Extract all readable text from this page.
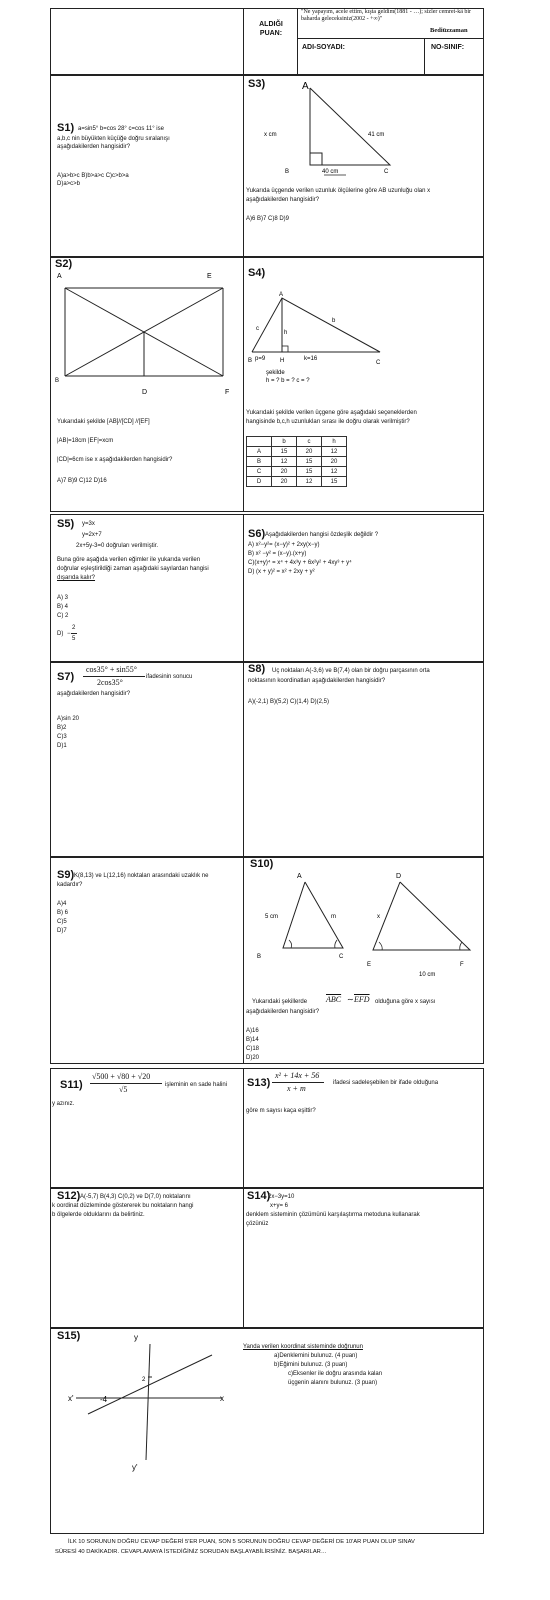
ALDIĞI PUAN:
"Ne yapayım, acele ettim, kışta geldim(1881 - …); sizler cemret-kâ bir baharda geleceksiniz(2002 - +∞)"
Bediüzzaman
ADI-SOYADI:	NO-SINIF:
S1) a=sin5° b=cos 28° c=cos 11° ise
a,b,c nin büyükten küçüğe doğru sıralanışı
aşağıdakilerden hangisidir?
A)a>b>c B)b>a>c C)c>b>a
D)a>c>b
S3)	A
x cm	41 cm
B	40 cm	C
Yukarıda üçgende verilen uzunluk ölçülerine göre AB uzunluğu olan x
aşağıdakilerden hangisidir?
A)6 B)7 C)8 D)9
S2)
A	E
B
D	F
Yukarıdaki şekilde [AB]//[CD] //[EF]
|AB|=18cm |EF|=xcm
|CD|=6cm ise x aşağıdakilerden hangisidir?
A)7 B)9 C)12 D)16
S4)
A
c
h
b
B p=9 H	k=16
C
şekilde
h = ? b = ? c = ?
Yukarıdaki şekilde verilen üçgene göre aşağıdaki seçeneklerden
hangisinde b,c,h uzunlukları sırası ile doğru olarak verilmiştir?
	b	c	h
A	15	20	12
B	12	15	20
C	20	15	12
D	20	12	15
S5) y=3x
y=2x+7
2x+5y-3=0 doğruları verilmiştir.
Buna göre aşağıda verilen eğimler ile yukarıda verilen
doğrular eşleştirildiği zaman aşağıdaki sayılardan hangisi
dışarıda kalır?
A) 3
B) 4
C) 2
D) −
2
5
S6) Aşağıdakilerden hangisi özdeşlik değildir ?
A) x²−y²= (x−y)² + 2xy(x−y)
B) x² −y² = (x−y).(x+y)
C)(x+y)⁴ = x⁴ + 4x³y + 6x²y² + 4xy³ + y⁴
D) (x + y)² = x² + 2xy + y²
S7)
cos35° + sin55°
2cos35°
ifadesinin sonucu
aşağıdakilerden hangisidir?
A)sin 20
B)2
C)3
D)1
S8) Uç noktaları A(-3,6) ve B(7,4) olan bir doğru parçasının orta
noktasının koordinatları aşağıdakilerden hangisidir?
A)(-2,1) B)(5,2) C)(1,4) D)(2,5)
S9) K(8,13) ve L(12,16) noktaları arasındaki uzaklık ne
kadardır?
A)4
B) 6
C)5
D)7
S10)
A
5 cm	m
B	C
D
x
E	F
10 cm
Yukarıdaki şekillerde $\overline{ABC}$ ∼ $\overline{EFD}$ olduğuna göre x sayısı
aşağıdakilerden hangisidir?
A)16
B)14
C)18
D)20
S11)
√500 + √80 + √20
√5	işleminin en sade halini
y azınız.
S13)
x² + 14x + 56
x + m
ifadesi sadeleşebilen bir ifade olduğuna
göre m sayısı kaça eşittir?
S12) A(-5,7) B(4,3) C(0,2) ve D(7,0) noktalarını
k oordinat düzleminde göstererek bu noktaların hangi
b ölgelerde olduklarını da belirtiniz.
S14)
2x−3y=10
x+y= 6
denklem sisteminin çözümünü karşılaştırma metoduna kullanarak
çözünüz
S15)	y
y'
x
x'
2
-4
Yanda verilen koordinat sisteminde doğrunun
a)Denklemini bulunuz. (4 puan)
b)Eğimini bulunuz. (3 puan)
c)Eksenler ile doğru arasında kalan
üçgenin alanını bulunuz. (3 puan)
İLK 10 SORUNUN DOĞRU CEVAP DEĞERİ 5'ER PUAN, SON 5 SORUNUN DOĞRU CEVAP DEĞERİ DE 10'AR PUAN OLUP SINAV
SÜRESİ 40 DAKİKADIR. CEVAPLAMAYA İSTEDİĞİNİZ SORUDAN BAŞLAYABİLİRSİNİZ. BAŞARILAR…
